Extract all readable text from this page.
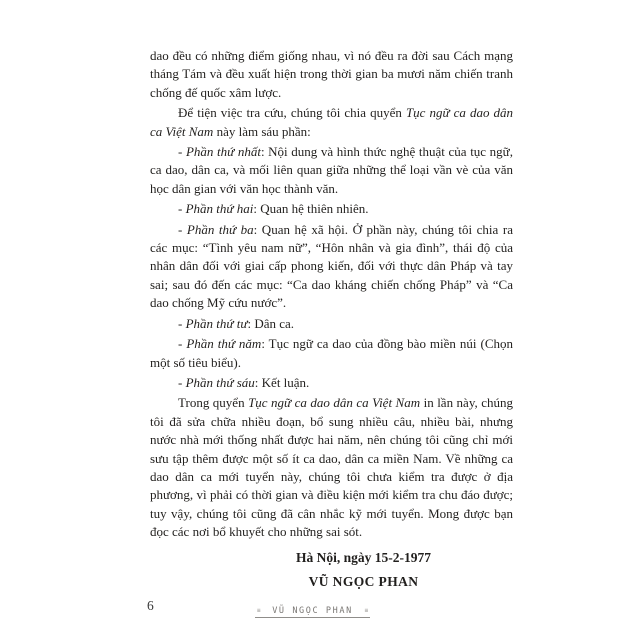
dao đều có những điểm giống nhau, vì nó đều ra đời sau Cách mạng tháng Tám và đều xuất hiện trong thời gian ba mươi năm chiến tranh chống đế quốc xâm lược.

Để tiện việc tra cứu, chúng tôi chia quyển Tục ngữ ca dao dân ca Việt Nam này làm sáu phần:

- Phần thứ nhất: Nội dung và hình thức nghệ thuật của tục ngữ, ca dao, dân ca, và mối liên quan giữa những thể loại vần vè của văn học dân gian với văn học thành văn.

- Phần thứ hai: Quan hệ thiên nhiên.

- Phần thứ ba: Quan hệ xã hội. Ở phần này, chúng tôi chia ra các mục: “Tình yêu nam nữ”, “Hôn nhân và gia đình”, thái độ của nhân dân đối với giai cấp phong kiến, đối với thực dân Pháp và tay sai; sau đó đến các mục: “Ca dao kháng chiến chống Pháp” và “Ca dao chống Mỹ cứu nước”.

- Phần thứ tư: Dân ca.

- Phần thứ năm: Tục ngữ ca dao của đồng bào miền núi (Chọn một số tiêu biểu).

- Phần thứ sáu: Kết luận.

Trong quyển Tục ngữ ca dao dân ca Việt Nam in lần này, chúng tôi đã sửa chữa nhiều đoạn, bổ sung nhiều câu, nhiều bài, nhưng nước nhà mới thống nhất được hai năm, nên chúng tôi cũng chỉ mới sưu tập thêm được một số ít ca dao, dân ca miền Nam. Về những ca dao dân ca mới tuyển này, chúng tôi chưa kiểm tra được ở địa phương, vì phải có thời gian và điều kiện mới kiểm tra chu đáo được; tuy vậy, chúng tôi cũng đã cân nhắc kỹ mới tuyển. Mong được bạn đọc các nơi bổ khuyết cho những sai sót.

Hà Nội, ngày 15-2-1977
VŨ NGỌC PHAN
6	≡ VŨ NGỌC PHAN ≡
